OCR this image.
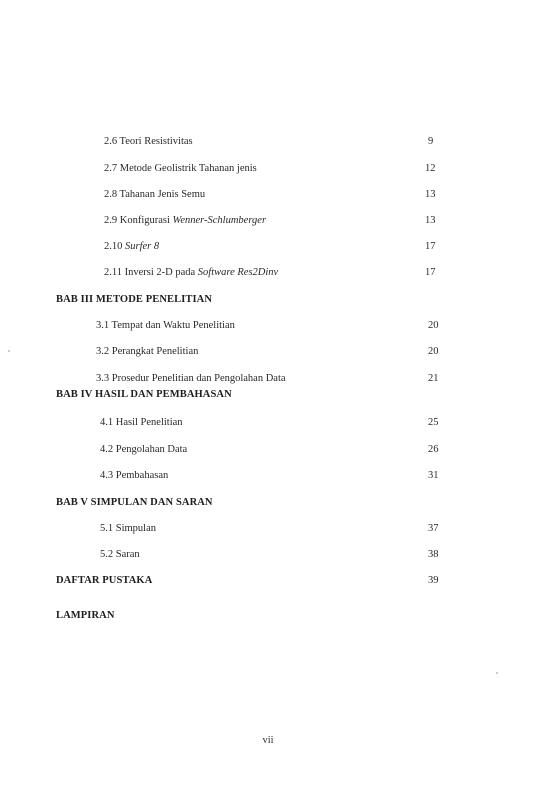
2.6 Teori Resistivitas	9
2.7 Metode Geolistrik Tahanan jenis	12
2.8 Tahanan Jenis Semu	13
2.9 Konfigurasi Wenner-Schlumberger	13
2.10 Surfer 8	17
2.11 Inversi 2-D pada Software Res2Dinv	17
BAB III METODE PENELITIAN
3.1 Tempat dan Waktu Penelitian	20
3.2 Perangkat Penelitian	20
3.3 Prosedur Penelitian dan Pengolahan Data	21
BAB IV HASIL DAN PEMBAHASAN
4.1 Hasil Penelitian	25
4.2 Pengolahan Data	26
4.3 Pembahasan	31
BAB V SIMPULAN DAN SARAN
5.1 Simpulan	37
5.2 Saran	38
DAFTAR PUSTAKA	39
LAMPIRAN
vii
